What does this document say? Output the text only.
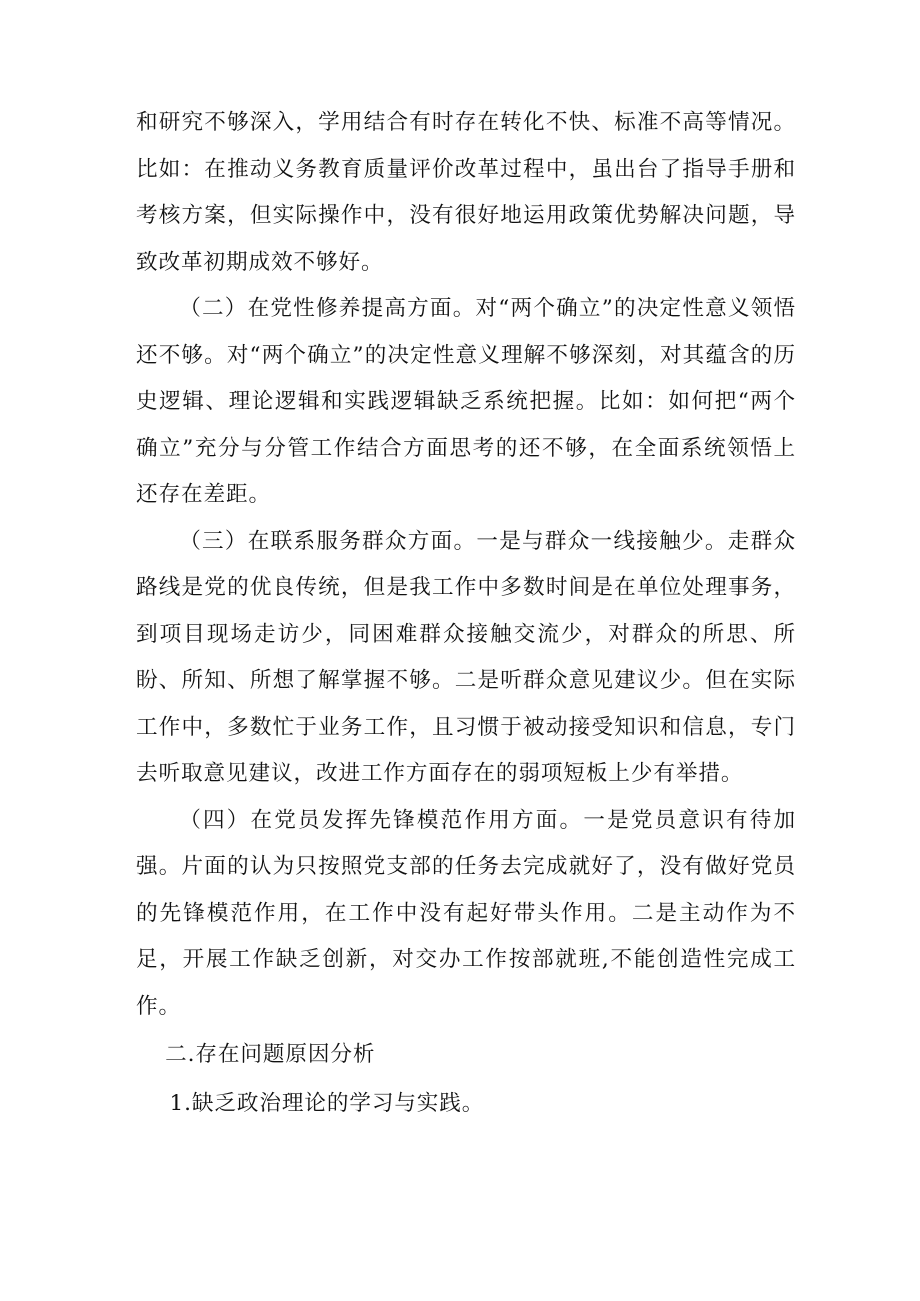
和研究不够深入，学用结合有时存在转化不快、标准不高等情况。比如：在推动义务教育质量评价改革过程中，虽出台了指导手册和考核方案，但实际操作中，没有很好地运用政策优势解决问题，导致改革初期成效不够好。

（二）在党性修养提高方面。对“两个确立”的决定性意义领悟还不够。对“两个确立”的决定性意义理解不够深刻，对其蕴含的历史逻辑、理论逻辑和实践逻辑缺乏系统把握。比如：如何把“两个确立”充分与分管工作结合方面思考的还不够，在全面系统领悟上还存在差距。

（三）在联系服务群众方面。一是与群众一线接触少。走群众路线是党的优良传统，但是我工作中多数时间是在单位处理事务，到项目现场走访少，同困难群众接触交流少，对群众的所思、所盼、所知、所想了解掌握不够。二是听群众意见建议少。但在实际工作中，多数忙于业务工作，且习惯于被动接受知识和信息，专门去听取意见建议，改进工作方面存在的弱项短板上少有举措。

（四）在党员发挥先锋模范作用方面。一是党员意识有待加强。片面的认为只按照党支部的任务去完成就好了，没有做好党员的先锋模范作用，在工作中没有起好带头作用。二是主动作为不足，开展工作缺乏创新，对交办工作按部就班,不能创造性完成工作。

二.存在问题原因分析

1.缺乏政治理论的学习与实践。
